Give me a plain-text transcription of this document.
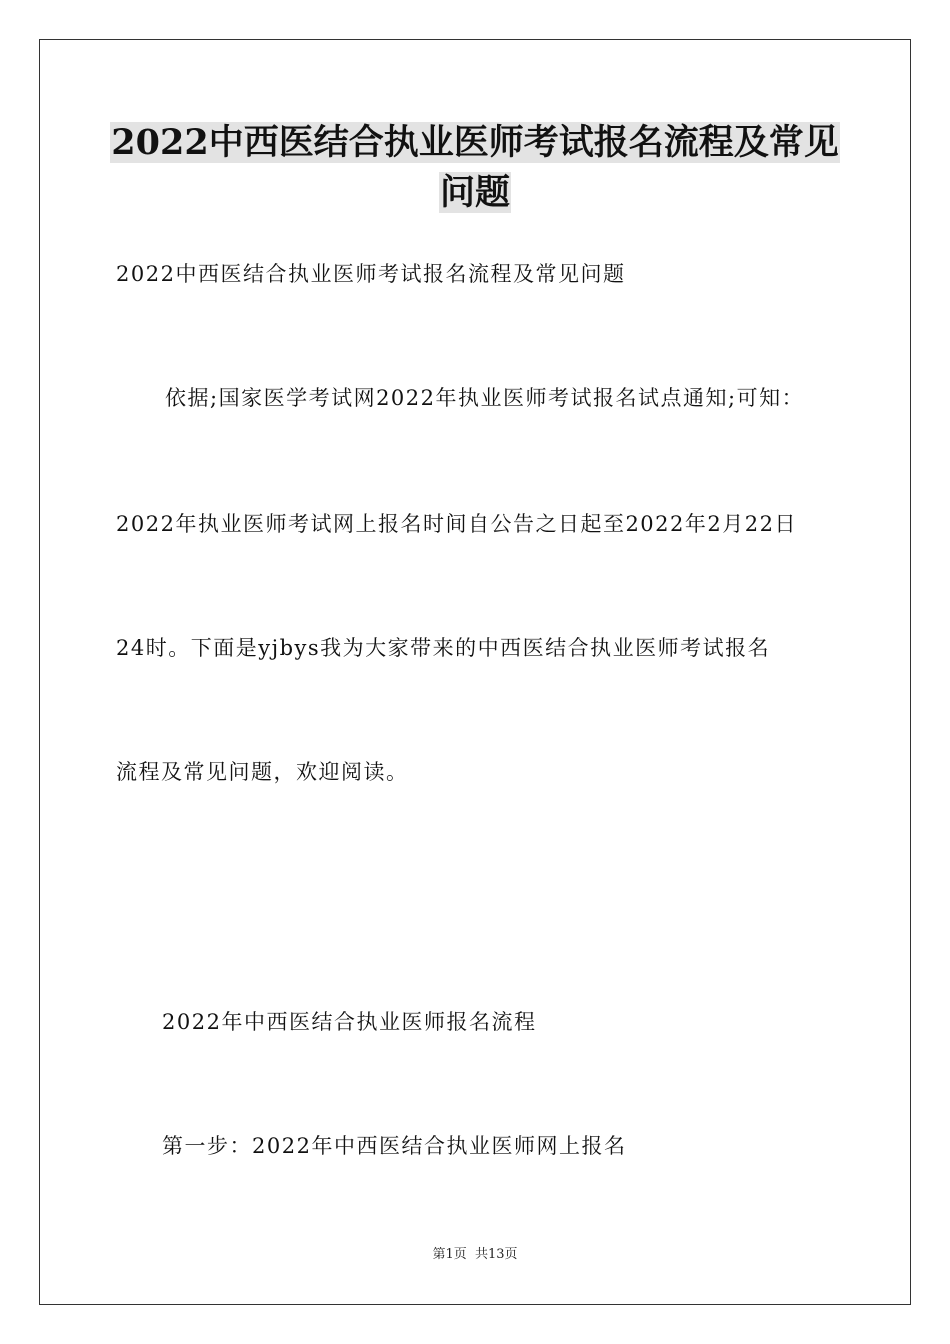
2022中西医结合执业医师考试报名流程及常见
问题
2022中西医结合执业医师考试报名流程及常见问题
依据;国家医学考试网2022年执业医师考试报名试点通知;可知：
2022年执业医师考试网上报名时间自公告之日起至2022年2月22日
24时。下面是yjbys我为大家带来的中西医结合执业医师考试报名
流程及常见问题，欢迎阅读。
2022年中西医结合执业医师报名流程
第一步：2022年中西医结合执业医师网上报名
第1页 共13页
